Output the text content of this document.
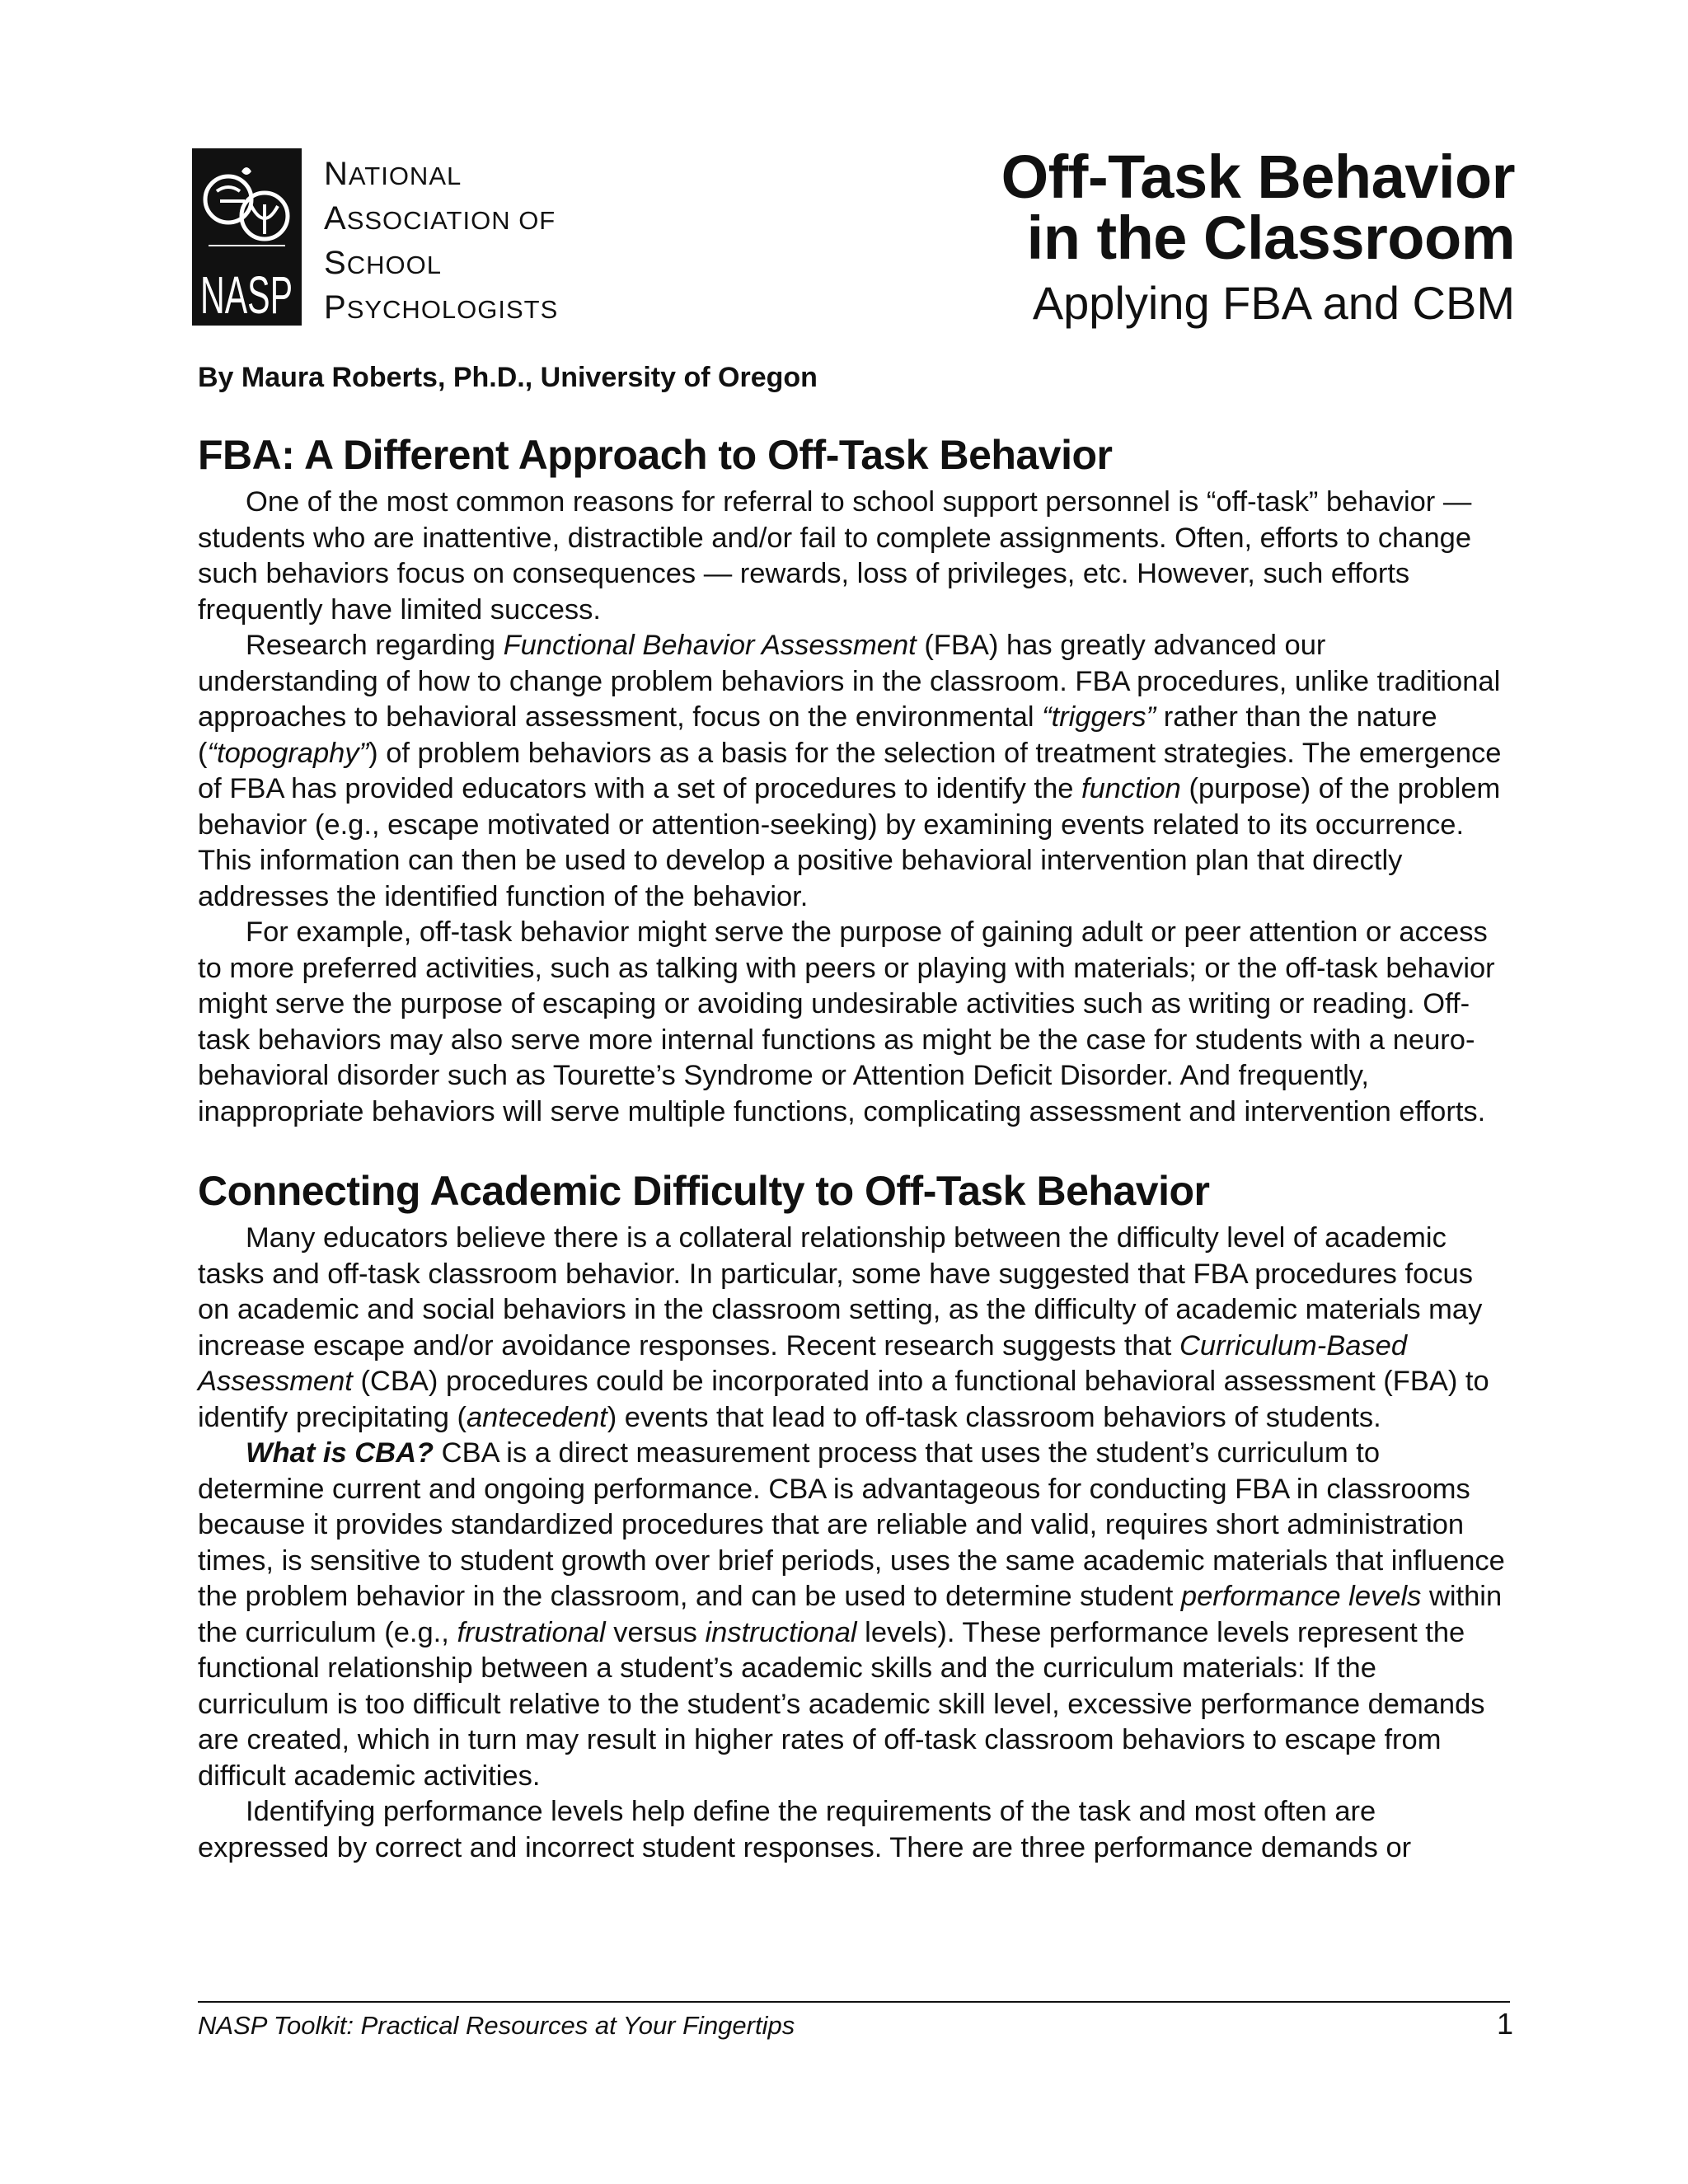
NASP
NATIONAL
ASSOCIATION OF
SCHOOL
PSYCHOLOGISTS
Off-Task Behavior
in the Classroom

Applying FBA and CBM

By Maura Roberts, Ph.D., University of Oregon

FBA: A Different Approach to Off-Task Behavior

One of the most common reasons for referral to school support personnel is “off-task” behavior — students who are inattentive, distractible and/or fail to complete assignments. Often, efforts to change such behaviors focus on consequences — rewards, loss of privileges, etc. However, such efforts frequently have limited success.

Research regarding Functional Behavior Assessment (FBA) has greatly advanced our understanding of how to change problem behaviors in the classroom. FBA procedures, unlike traditional approaches to behavioral assessment, focus on the environmental “triggers” rather than the nature (“topography”) of problem behaviors as a basis for the selection of treatment strategies. The emergence of FBA has provided educators with a set of procedures to identify the function (purpose) of the problem behavior (e.g., escape motivated or attention-seeking) by examining events related to its occurrence. This information can then be used to develop a positive behavioral intervention plan that directly addresses the identified function of the behavior.

For example, off-task behavior might serve the purpose of gaining adult or peer attention or access to more preferred activities, such as talking with peers or playing with materials; or the off-task behavior might serve the purpose of escaping or avoiding undesirable activities such as writing or reading. Off-task behaviors may also serve more internal functions as might be the case for students with a neuro-behavioral disorder such as Tourette’s Syndrome or Attention Deficit Disorder. And frequently, inappropriate behaviors will serve multiple functions, complicating assessment and intervention efforts.

Connecting Academic Difficulty to Off-Task Behavior

Many educators believe there is a collateral relationship between the difficulty level of academic tasks and off-task classroom behavior. In particular, some have suggested that FBA procedures focus on academic and social behaviors in the classroom setting, as the difficulty of academic materials may increase escape and/or avoidance responses. Recent research suggests that Curriculum-Based Assessment (CBA) procedures could be incorporated into a functional behavioral assessment (FBA) to identify precipitating (antecedent) events that lead to off-task classroom behaviors of students.

What is CBA? CBA is a direct measurement process that uses the student’s curriculum to determine current and ongoing performance. CBA is advantageous for conducting FBA in classrooms because it provides standardized procedures that are reliable and valid, requires short administration times, is sensitive to student growth over brief periods, uses the same academic materials that influence the problem behavior in the classroom, and can be used to determine student performance levels within the curriculum (e.g., frustrational versus instructional levels). These performance levels represent the functional relationship between a student’s academic skills and the curriculum materials: If the curriculum is too difficult relative to the student’s academic skill level, excessive performance demands are created, which in turn may result in higher rates of off-task classroom behaviors to escape from difficult academic activities.

Identifying performance levels help define the requirements of the task and most often are expressed by correct and incorrect student responses. There are three performance demands or

NASP Toolkit: Practical Resources at Your Fingertips	1
